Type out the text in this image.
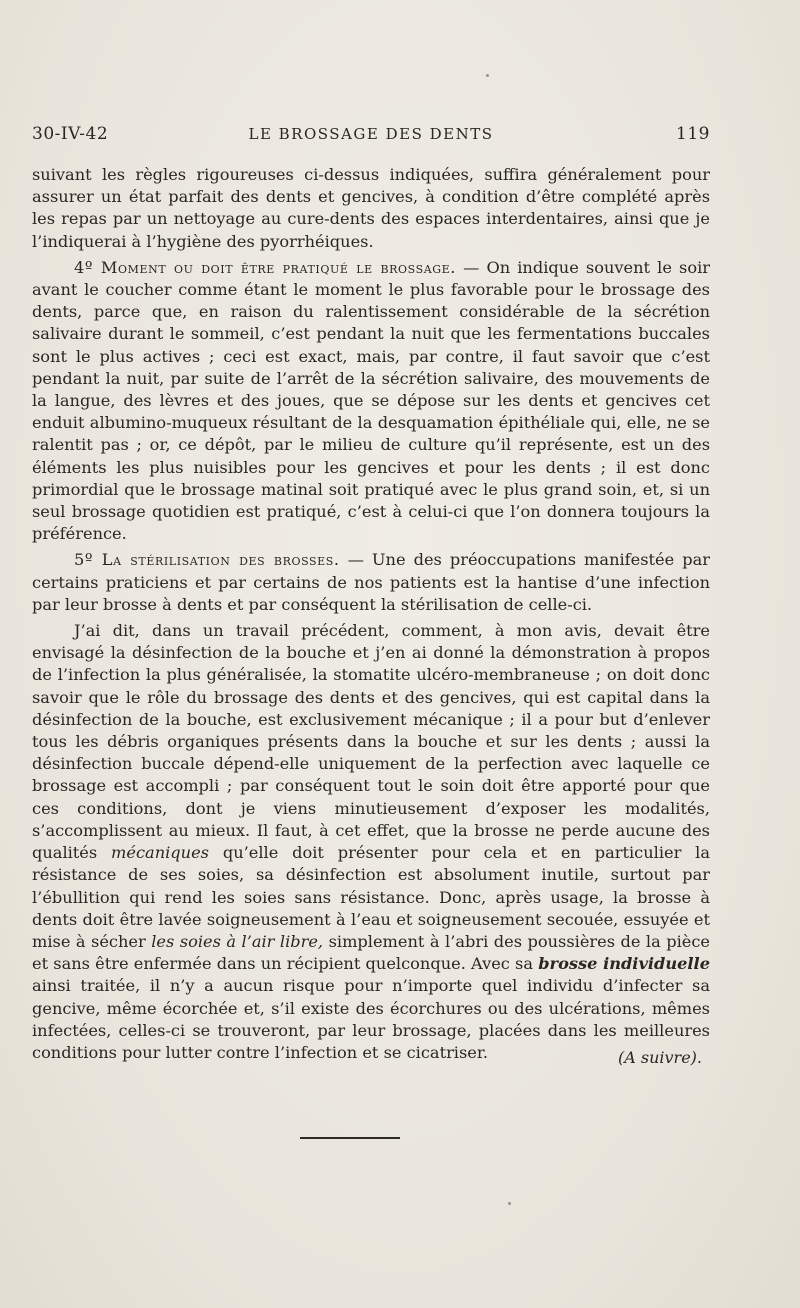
30-IV-42	LE BROSSAGE DES DENTS	119

suivant les règles rigoureuses ci-dessus indiquées, suffira généralement pour assurer un état parfait des dents et gencives, à condition d’être complété après les repas par un nettoyage au cure-dents des espaces interdentaires, ainsi que je l’indiquerai à l’hygiène des pyorrhéiques.

4º Moment ou doit être pratiqué le brossage. — On indique souvent le soir avant le coucher comme étant le moment le plus favorable pour le brossage des dents, parce que, en raison du ralentissement considérable de la sécrétion salivaire durant le sommeil, c’est pendant la nuit que les fermentations buccales sont le plus actives ; ceci est exact, mais, par contre, il faut savoir que c’est pendant la nuit, par suite de l’arrêt de la sécrétion salivaire, des mouvements de la langue, des lèvres et des joues, que se dépose sur les dents et gencives cet enduit albumino-muqueux résultant de la desquamation épithéliale qui, elle, ne se ralentit pas ; or, ce dépôt, par le milieu de culture qu’il représente, est un des éléments les plus nuisibles pour les gencives et pour les dents ; il est donc primordial que le brossage matinal soit pratiqué avec le plus grand soin, et, si un seul brossage quotidien est pratiqué, c’est à celui-ci que l’on donnera toujours la préférence.

5º La stérilisation des brosses. — Une des préoccupations manifestée par certains praticiens et par certains de nos patients est la hantise d’une infection par leur brosse à dents et par conséquent la stérilisation de celle-ci.

J’ai dit, dans un travail précédent, comment, à mon avis, devait être envisagé la désinfection de la bouche et j’en ai donné la démonstration à propos de l’infection la plus généralisée, la stomatite ulcéro-membraneuse ; on doit donc savoir que le rôle du brossage des dents et des gencives, qui est capital dans la désinfection de la bouche, est exclusivement mécanique ; il a pour but d’enlever tous les débris organiques présents dans la bouche et sur les dents ; aussi la désinfection buccale dépend-elle uniquement de la perfection avec laquelle ce brossage est accompli ; par conséquent tout le soin doit être apporté pour que ces conditions, dont je viens minutieusement d’exposer les modalités, s’accomplissent au mieux. Il faut, à cet effet, que la brosse ne perde aucune des qualités mécaniques qu’elle doit présenter pour cela et en particulier la résistance de ses soies, sa désinfection est absolument inutile, surtout par l’ébullition qui rend les soies sans résistance. Donc, après usage, la brosse à dents doit être lavée soigneusement à l’eau et soigneusement secouée, essuyée et mise à sécher les soies à l’air libre, simplement à l’abri des poussières de la pièce et sans être enfermée dans un récipient quelconque. Avec sa brosse individuelle ainsi traitée, il n’y a aucun risque pour n’importe quel individu d’infecter sa gencive, même écorchée et, s’il existe des écorchures ou des ulcérations, mêmes infectées, celles-ci se trouveront, par leur brossage, placées dans les meilleures conditions pour lutter contre l’infection et se cicatriser.	(A suivre).
